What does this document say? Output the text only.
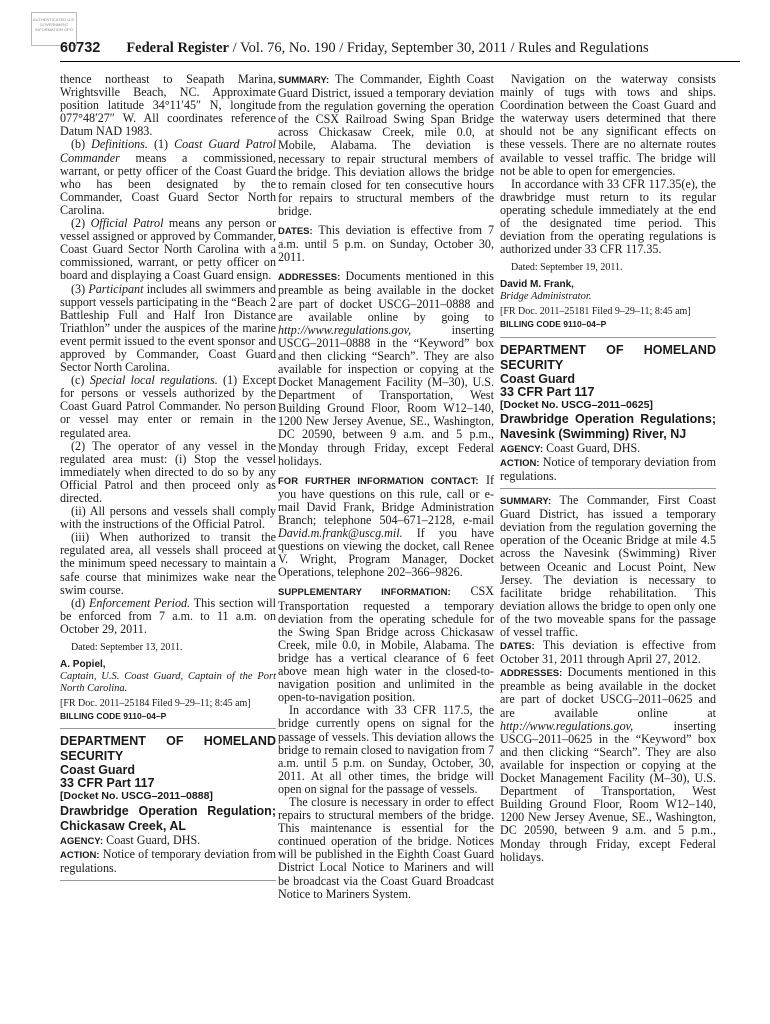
AUTHENTICATED U.S. GOVERNMENT INFORMATION GPO
60732 Federal Register / Vol. 76, No. 190 / Friday, September 30, 2011 / Rules and Regulations

thence northeast to Seapath Marina, Wrightsville Beach, NC. Approximate position latitude 34°11′45″ N, longitude 077°48′27″ W. All coordinates reference Datum NAD 1983.

(b) Definitions. (1) Coast Guard Patrol Commander means a commissioned, warrant, or petty officer of the Coast Guard who has been designated by the Commander, Coast Guard Sector North Carolina.

(2) Official Patrol means any person or vessel assigned or approved by Commander, Coast Guard Sector North Carolina with a commissioned, warrant, or petty officer on board and displaying a Coast Guard ensign.

(3) Participant includes all swimmers and support vessels participating in the “Beach 2 Battleship Full and Half Iron Distance Triathlon” under the auspices of the marine event permit issued to the event sponsor and approved by Commander, Coast Guard Sector North Carolina.

(c) Special local regulations. (1) Except for persons or vessels authorized by the Coast Guard Patrol Commander. No person or vessel may enter or remain in the regulated area.

(2) The operator of any vessel in the regulated area must: (i) Stop the vessel immediately when directed to do so by any Official Patrol and then proceed only as directed.

(ii) All persons and vessels shall comply with the instructions of the Official Patrol.

(iii) When authorized to transit the regulated area, all vessels shall proceed at the minimum speed necessary to maintain a safe course that minimizes wake near the swim course.

(d) Enforcement Period. This section will be enforced from 7 a.m. to 11 a.m. on October 29, 2011.

Dated: September 13, 2011.

A. Popiel,

Captain, U.S. Coast Guard, Captain of the Port North Carolina.

[FR Doc. 2011–25184 Filed 9–29–11; 8:45 am]

BILLING CODE 9110–04–P

DEPARTMENT OF HOMELAND SECURITY

Coast Guard

33 CFR Part 117

[Docket No. USCG–2011–0888]

Drawbridge Operation Regulation; Chickasaw Creek, AL

AGENCY: Coast Guard, DHS.

ACTION: Notice of temporary deviation from regulations.

SUMMARY: The Commander, Eighth Coast Guard District, issued a temporary deviation from the regulation governing the operation of the CSX Railroad Swing Span Bridge across Chickasaw Creek, mile 0.0, at Mobile, Alabama. The deviation is necessary to repair structural members of the bridge. This deviation allows the bridge to remain closed for ten consecutive hours for repairs to structural members of the bridge.

DATES: This deviation is effective from 7 a.m. until 5 p.m. on Sunday, October 30, 2011.

ADDRESSES: Documents mentioned in this preamble as being available in the docket are part of docket USCG–2011–0888 and are available online by going to http://www.regulations.gov, inserting USCG–2011–0888 in the “Keyword” box and then clicking “Search”. They are also available for inspection or copying at the Docket Management Facility (M–30), U.S. Department of Transportation, West Building Ground Floor, Room W12–140, 1200 New Jersey Avenue, SE., Washington, DC 20590, between 9 a.m. and 5 p.m., Monday through Friday, except Federal holidays.

FOR FURTHER INFORMATION CONTACT: If you have questions on this rule, call or e-mail David Frank, Bridge Administration Branch; telephone 504–671–2128, e-mail David.m.frank@uscg.mil. If you have questions on viewing the docket, call Renee V. Wright, Program Manager, Docket Operations, telephone 202–366–9826.

SUPPLEMENTARY INFORMATION: CSX Transportation requested a temporary deviation from the operating schedule for the Swing Span Bridge across Chickasaw Creek, mile 0.0, in Mobile, Alabama. The bridge has a vertical clearance of 6 feet above mean high water in the closed-to-navigation position and unlimited in the open-to-navigation position.

In accordance with 33 CFR 117.5, the bridge currently opens on signal for the passage of vessels. This deviation allows the bridge to remain closed to navigation from 7 a.m. until 5 p.m. on Sunday, October, 30, 2011. At all other times, the bridge will open on signal for the passage of vessels.

The closure is necessary in order to effect repairs to structural members of the bridge. This maintenance is essential for the continued operation of the bridge. Notices will be published in the Eighth Coast Guard District Local Notice to Mariners and will be broadcast via the Coast Guard Broadcast Notice to Mariners System.

Navigation on the waterway consists mainly of tugs with tows and ships. Coordination between the Coast Guard and the waterway users determined that there should not be any significant effects on these vessels. There are no alternate routes available to vessel traffic. The bridge will not be able to open for emergencies.

In accordance with 33 CFR 117.35(e), the drawbridge must return to its regular operating schedule immediately at the end of the designated time period. This deviation from the operating regulations is authorized under 33 CFR 117.35.

Dated: September 19, 2011.

David M. Frank,

Bridge Administrator.

[FR Doc. 2011–25181 Filed 9–29–11; 8:45 am]

BILLING CODE 9110–04–P

DEPARTMENT OF HOMELAND SECURITY

Coast Guard

33 CFR Part 117

[Docket No. USCG–2011–0625]

Drawbridge Operation Regulations; Navesink (Swimming) River, NJ

AGENCY: Coast Guard, DHS.

ACTION: Notice of temporary deviation from regulations.

SUMMARY: The Commander, First Coast Guard District, has issued a temporary deviation from the regulation governing the operation of the Oceanic Bridge at mile 4.5 across the Navesink (Swimming) River between Oceanic and Locust Point, New Jersey. The deviation is necessary to facilitate bridge rehabilitation. This deviation allows the bridge to open only one of the two moveable spans for the passage of vessel traffic.

DATES: This deviation is effective from October 31, 2011 through April 27, 2012.

ADDRESSES: Documents mentioned in this preamble as being available in the docket are part of docket USCG–2011–0625 and are available online at http://www.regulations.gov, inserting USCG–2011–0625 in the “Keyword” box and then clicking “Search”. They are also available for inspection or copying at the Docket Management Facility (M–30), U.S. Department of Transportation, West Building Ground Floor, Room W12–140, 1200 New Jersey Avenue, SE., Washington, DC 20590, between 9 a.m. and 5 p.m., Monday through Friday, except Federal holidays.
